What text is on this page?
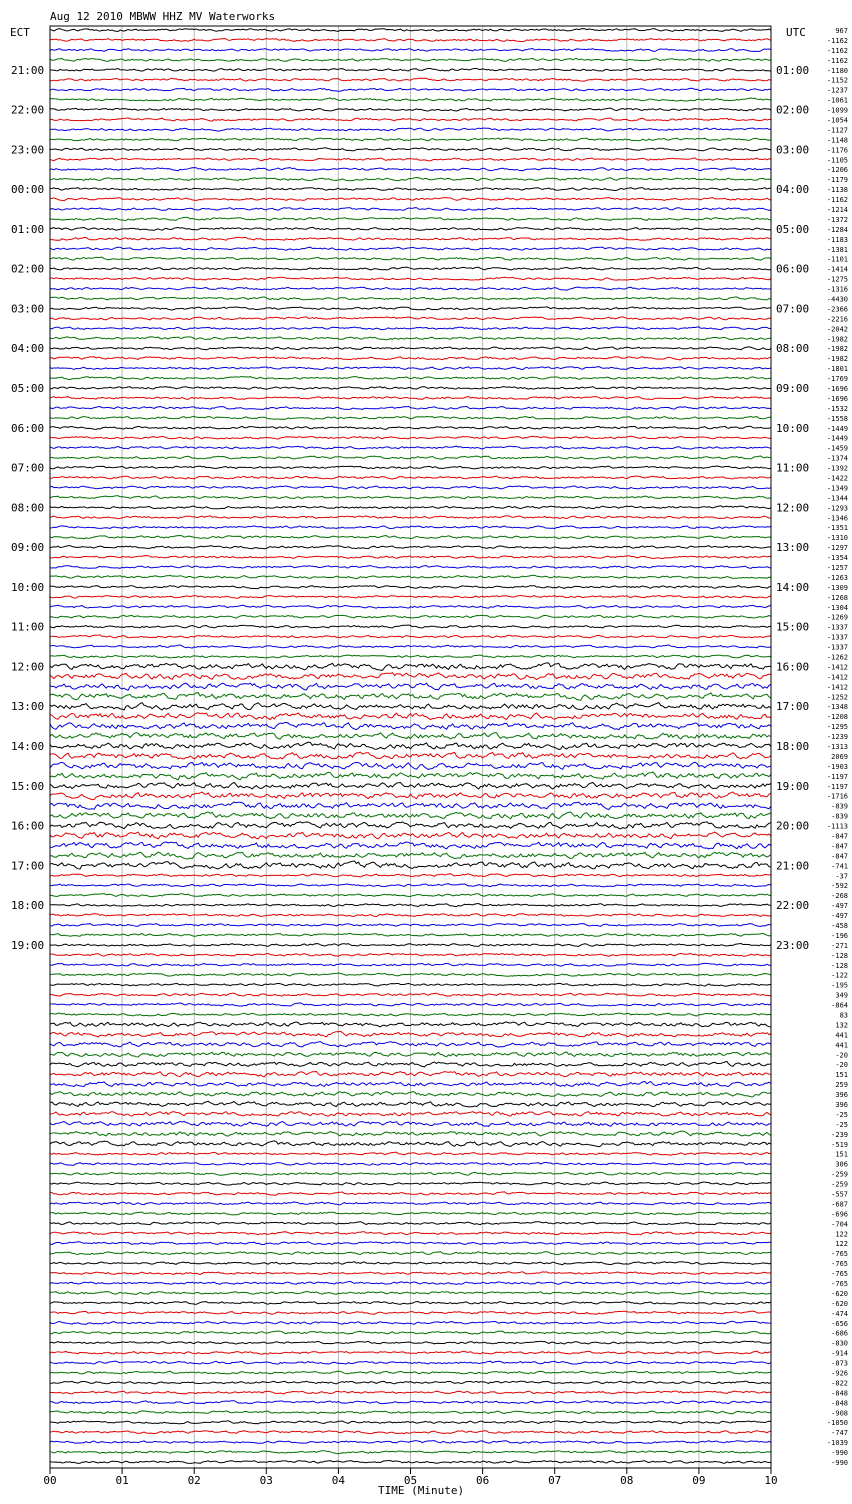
Aug 12 2010 MBWW HHZ MV Waterworks
ECT	UTC
21:00
22:00
23:00
00:00
01:00
02:00
03:00
04:00
05:00
06:00
07:00
08:00
09:00
10:00
11:00
12:00
13:00
14:00
15:00
16:00
17:00
18:00
19:00
01:00
02:00
03:00
04:00
05:00
06:00
07:00
08:00
09:00
10:00
11:00
12:00
13:00
14:00
15:00
16:00
17:00
18:00
19:00
20:00
21:00
22:00
23:00
967
-1162
-1162
-1162
-1180
-1152
-1237
-1061
-1099
-1054
-1127
-1148
-1176
-1105
-1206
-1179
-1138
-1162
-1214
-1372
-1284
-1183
-1381
-1101
-1414
-1275
-1316
-4430
-2366
-2216
-2042
-1982
-1982
-1982
-1801
-1769
-1696
-1696
-1532
-1558
-1449
-1449
-1459
-1374
-1392
-1422
-1349
-1344
-1293
-1346
-1351
-1310
-1297
-1354
-1257
-1263
-1309
-1268
-1304
-1269
-1337
-1337
-1337
-1262
-1412
-1412
-1412
-1252
-1348
-1208
-1295
-1239
-1313
2069
-1903
-1197
-1197
-1716
-839
-839
-1113
-847
-847
-847
-741
-37
-592
-268
-497
-497
-458
-196
-271
-128
-128
-122
-195
349
-864
83
132
441
441
-20
-20
151
259
396
396
-25
-25
-239
-519
151
306
-259
-259
-557
-687
-696
-704
122
122
-765
-765
-765
-765
-620
-620
-474
-656
-686
-830
-914
-873
-926
-822
-848
-848
-908
-1050
-747
-1039
-990
-990
00	01	02	03	04	05	06	07	08	09	10
TIME (Minute)
